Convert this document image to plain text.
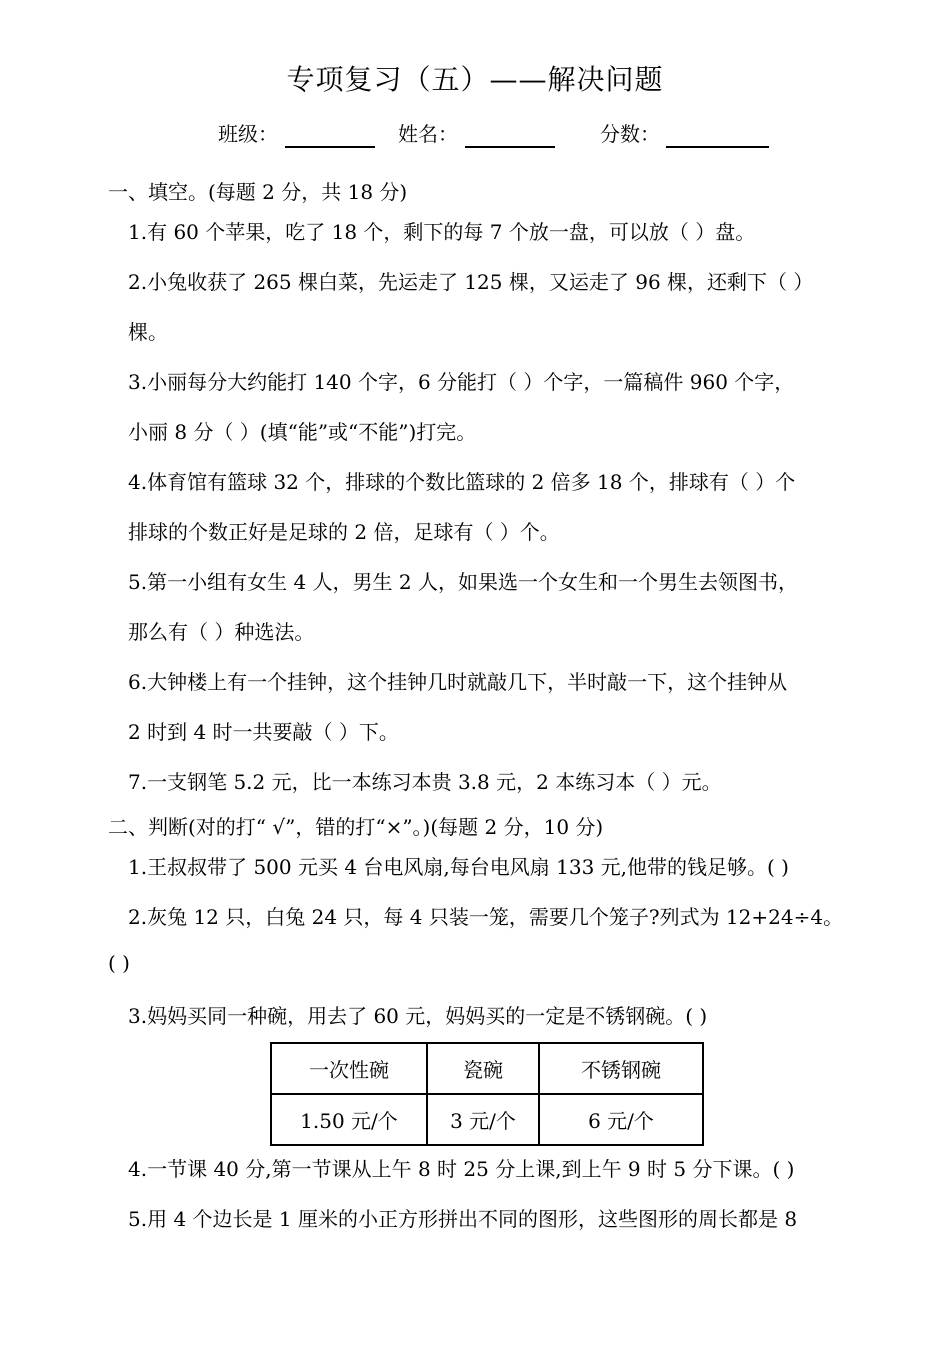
专项复习（五）——解决问题
班级：	姓名：	分数：
一、填空。(每题 2 分，共 18 分)
1.有 60 个苹果，吃了 18 个，剩下的每 7 个放一盘，可以放（ ）盘。
2.小兔收获了 265 棵白菜，先运走了 125 棵，又运走了 96 棵，还剩下（ ）
棵。
3.小丽每分大约能打 140 个字，6 分能打（ ）个字，一篇稿件 960 个字，
小丽 8 分（ ）(填“能”或“不能”)打完。
4.体育馆有篮球 32 个，排球的个数比篮球的 2 倍多 18 个，排球有（ ）个
排球的个数正好是足球的 2 倍，足球有（ ）个。
5.第一小组有女生 4 人，男生 2 人，如果选一个女生和一个男生去领图书，
那么有（ ）种选法。
6.大钟楼上有一个挂钟，这个挂钟几时就敲几下，半时敲一下，这个挂钟从
2 时到 4 时一共要敲（ ）下。
7.一支钢笔 5.2 元，比一本练习本贵 3.8 元，2 本练习本（ ）元。
二、判断(对的打“ √”，错的打“×”。)(每题 2 分，10 分)
1.王叔叔带了 500 元买 4 台电风扇,每台电风扇 133 元,他带的钱足够。( )
2.灰兔 12 只，白兔 24 只，每 4 只装一笼，需要几个笼子?列式为 12+24÷4。
( )
3.妈妈买同一种碗，用去了 60 元，妈妈买的一定是不锈钢碗。( )
一次性碗	瓷碗	不锈钢碗
1.50 元/个	3 元/个	6 元/个
4.一节课 40 分,第一节课从上午 8 时 25 分上课,到上午 9 时 5 分下课。( )
5.用 4 个边长是 1 厘米的小正方形拼出不同的图形，这些图形的周长都是 8
